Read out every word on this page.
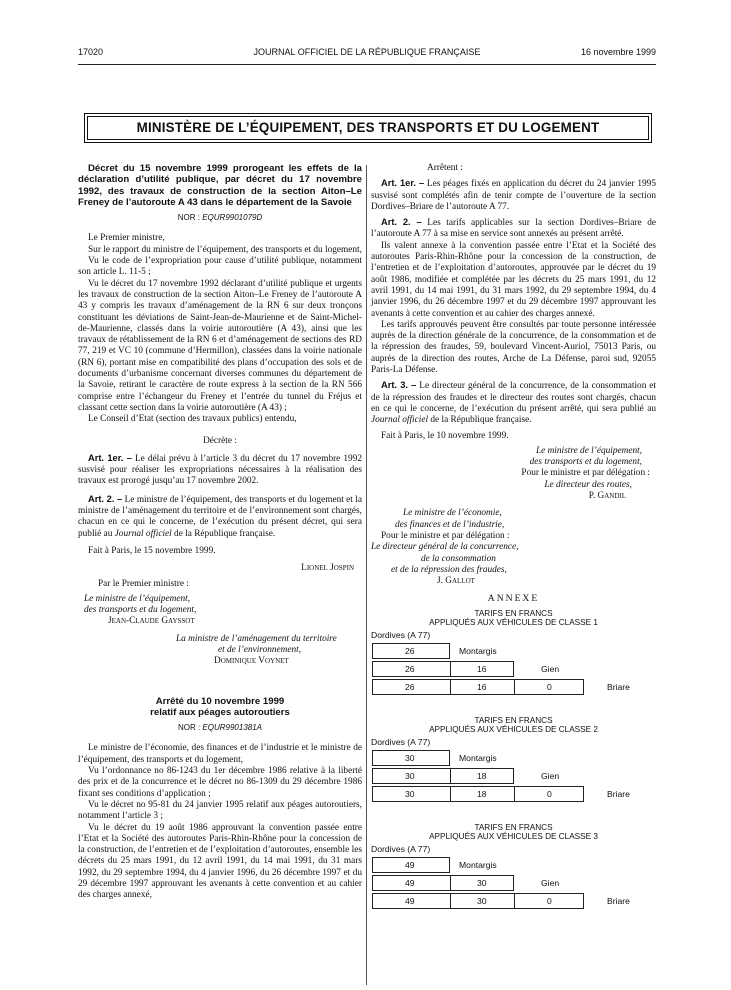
17020	JOURNAL OFFICIEL DE LA RÉPUBLIQUE FRANÇAISE	16 novembre 1999
MINISTÈRE DE L’ÉQUIPEMENT, DES TRANSPORTS ET DU LOGEMENT
Décret du 15 novembre 1999 prorogeant les effets de la déclaration d’utilité publique, par décret du 17 novembre 1992, des travaux de construction de la section Aiton–Le Freney de l’autoroute A 43 dans le département de la Savoie
NOR : EQUR9901079D

Le Premier ministre,

Sur le rapport du ministre de l’équipement, des transports et du logement,

Vu le code de l’expropriation pour cause d’utilité publique, notamment son article L. 11-5 ;

Vu le décret du 17 novembre 1992 déclarant d’utilité publique et urgents les travaux de construction de la section Aiton–Le Freney de l’autoroute A 43 y compris les travaux d’aménagement de la RN 6 sur deux tronçons constituant les déviations de Saint-Jean-de-Maurienne et de Saint-Michel-de-Maurienne, classés dans la voirie autoroutière (A 43), ainsi que les travaux de rétablissement de la RN 6 et d’aménagement de sections des RD 77, 219 et VC 10 (commune d’Hermillon), classées dans la voirie nationale (RN 6), portant mise en compatibilité des plans d’occupation des sols et de documents d’urbanisme concernant diverses communes du département de la Savoie, retirant le caractère de route express à la section de la RN 566 comprise entre l’échangeur du Freney et l’entrée du tunnel du Fréjus et classant cette section dans la voirie autoroutière (A 43) ;

Le Conseil d’Etat (section des travaux publics) entendu,

Décrète :

Art. 1er. – Le délai prévu à l’article 3 du décret du 17 novembre 1992 susvisé pour réaliser les expropriations nécessaires à la réalisation des travaux est prorogé jusqu’au 17 novembre 2002.

Art. 2. – Le ministre de l’équipement, des transports et du logement et la ministre de l’aménagement du territoire et de l’environnement sont chargés, chacun en ce qui le concerne, de l’exécution du présent décret, qui sera publié au Journal officiel de la République française.

Fait à Paris, le 15 novembre 1999.

Lionel Jospin

Par le Premier ministre :

Le ministre de l’équipement,

des transports et du logement,

Jean-Claude Gayssot

La ministre de l’aménagement du territoire

et de l’environnement,

Dominique Voynet

Arrêté du 10 novembre 1999
relatif aux péages autoroutiers
NOR : EQUR9901381A

Le ministre de l’économie, des finances et de l’industrie et le ministre de l’équipement, des transports et du logement,

Vu l’ordonnance no 86-1243 du 1er décembre 1986 relative à la liberté des prix et de la concurrence et le décret no 86-1309 du 29 décembre 1986 fixant ses conditions d’application ;

Vu le décret no 95-81 du 24 janvier 1995 relatif aux péages autoroutiers, notamment l’article 3 ;

Vu le décret du 19 août 1986 approuvant la convention passée entre l’Etat et la Société des autoroutes Paris-Rhin-Rhône pour la concession de la construction, de l’entretien et de l’exploitation d’autoroutes, ensemble les décrets du 25 mars 1991, du 12 avril 1991, du 14 mai 1991, du 31 mars 1992, du 29 septembre 1994, du 4 janvier 1996, du 26 décembre 1997 et du 29 décembre 1997 approuvant les avenants à cette convention et au cahier des charges annexé,

Arrêtent :

Art. 1er. – Les péages fixés en application du décret du 24 janvier 1995 susvisé sont complétés afin de tenir compte de l’ouverture de la section Dordives–Briare de l’autoroute A 77.

Art. 2. – Les tarifs applicables sur la section Dordives–Briare de l’autoroute A 77 à sa mise en service sont annexés au présent arrêté.

Ils valent annexe à la convention passée entre l’Etat et la Société des autoroutes Paris-Rhin-Rhône pour la concession de la construction, de l’entretien et de l’exploitation d’autoroutes, approuvée par le décret du 19 août 1986, modifiée et complétée par les décrets du 25 mars 1991, du 12 avril 1991, du 14 mai 1991, du 31 mars 1992, du 29 septembre 1994, du 4 janvier 1996, du 26 décembre 1997 et du 29 décembre 1997 approuvant les avenants à cette convention et au cahier des charges annexé.

Les tarifs approuvés peuvent être consultés par toute personne intéressée auprès de la direction générale de la concurrence, de la consommation et de la répression des fraudes, 59, boulevard Vincent-Auriol, 75013 Paris, ou auprès de la direction des routes, Arche de La Défense, paroi sud, 92055 Paris-La Défense.

Art. 3. – Le directeur général de la concurrence, de la consommation et de la répression des fraudes et le directeur des routes sont chargés, chacun en ce qui le concerne, de l’exécution du présent arrêté, qui sera publié au Journal officiel de la République française.

Fait à Paris, le 10 novembre 1999.

Le ministre de l’équipement,

des transports et du logement,

Pour le ministre et par délégation :

Le directeur des routes,

P. Gandil

Le ministre de l’économie,

des finances et de l’industrie,

Pour le ministre et par délégation :

Le directeur général de la concurrence,

de la consommation

et de la répression des fraudes,

J. Gallot

ANNEXE
TARIFS EN FRANCS
APPLIQUÉS AUX VÉHICULES DE CLASSE 1
Dordives (A 77)
26	Montargis
26	16	Gien
26	16	0	Briare
TARIFS EN FRANCS
APPLIQUÉS AUX VÉHICULES DE CLASSE 2
Dordives (A 77)
30	Montargis
30	18	Gien
30	18	0	Briare
TARIFS EN FRANCS
APPLIQUÉS AUX VÉHICULES DE CLASSE 3
Dordives (A 77)
49	Montargis
49	30	Gien
49	30	0	Briare
